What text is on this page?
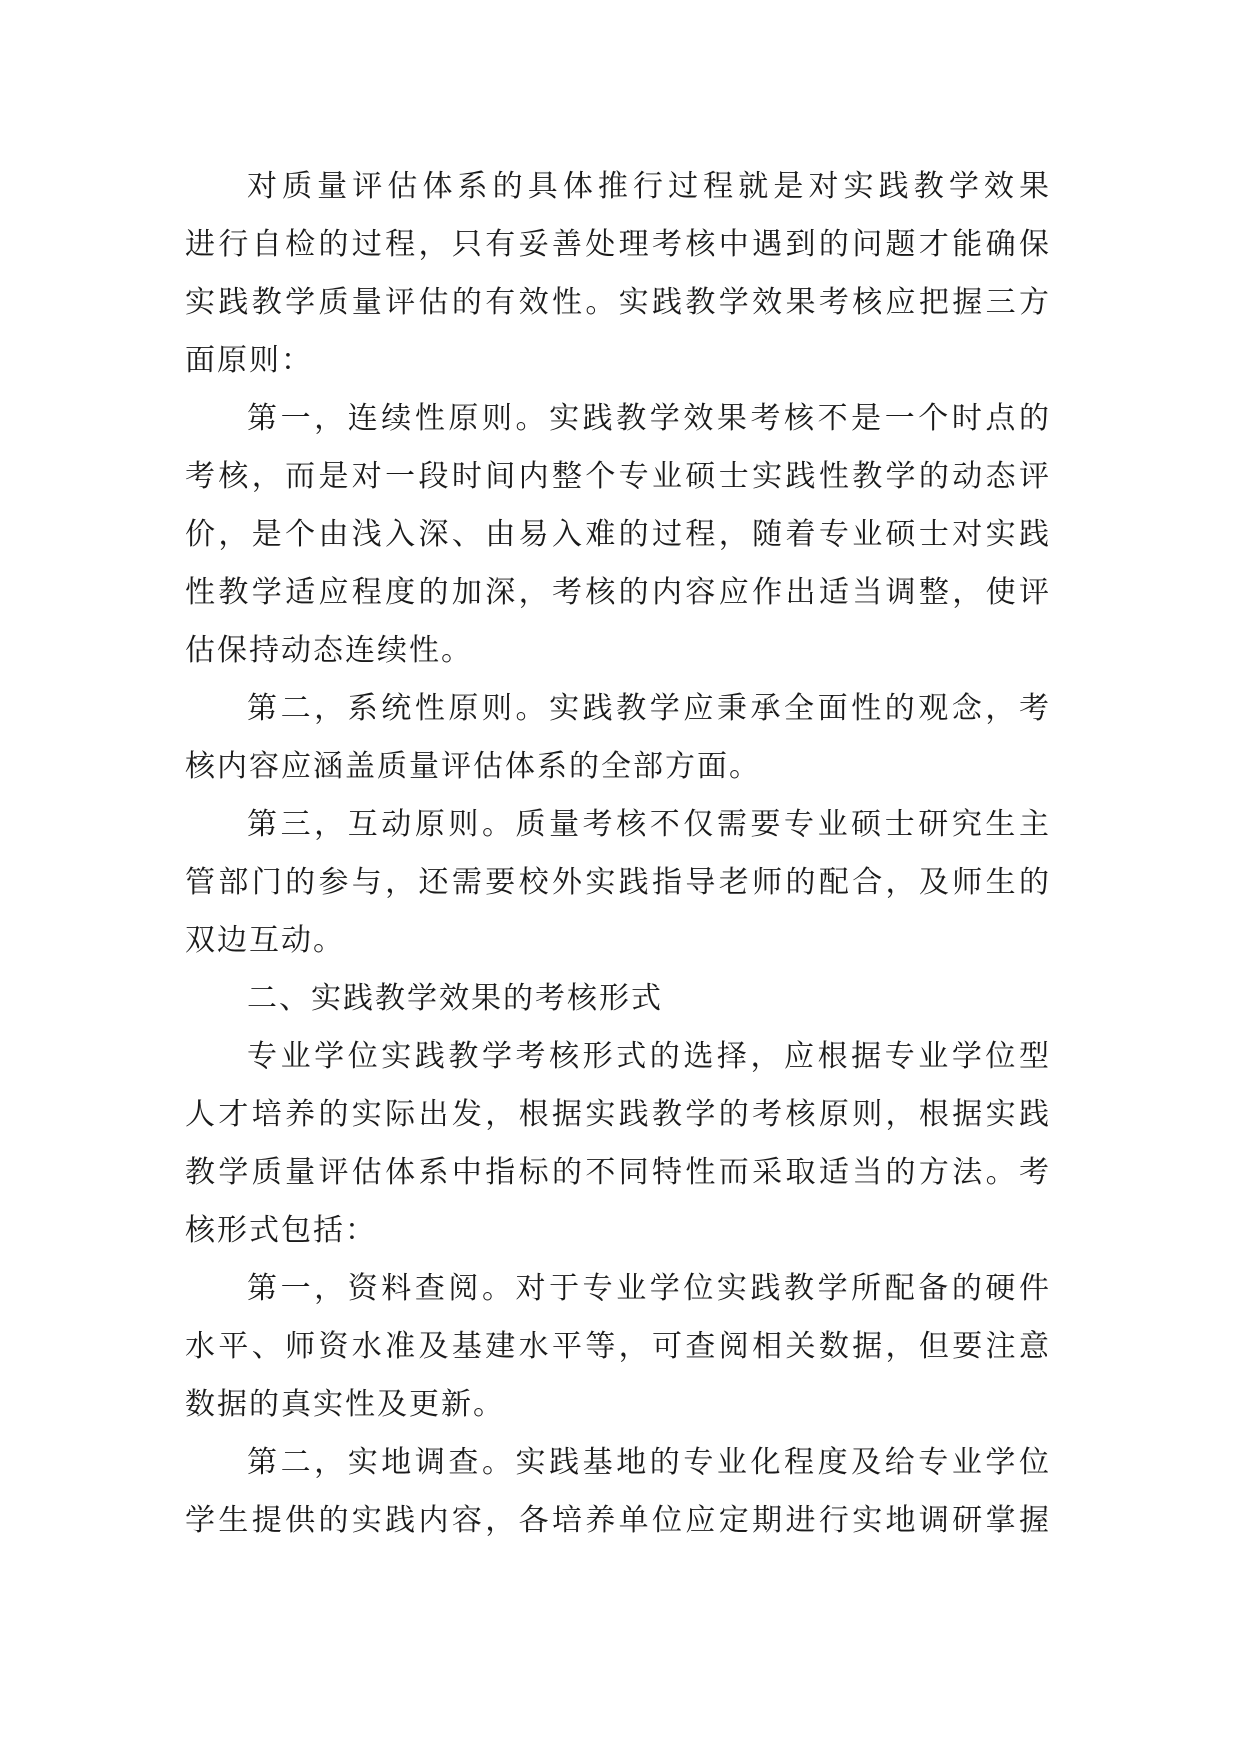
对质量评估体系的具体推行过程就是对实践教学效果
进行自检的过程，只有妥善处理考核中遇到的问题才能确保
实践教学质量评估的有效性。实践教学效果考核应把握三方
面原则：
第一，连续性原则。实践教学效果考核不是一个时点的
考核，而是对一段时间内整个专业硕士实践性教学的动态评
价，是个由浅入深、由易入难的过程，随着专业硕士对实践
性教学适应程度的加深，考核的内容应作出适当调整，使评
估保持动态连续性。
第二，系统性原则。实践教学应秉承全面性的观念，考
核内容应涵盖质量评估体系的全部方面。
第三，互动原则。质量考核不仅需要专业硕士研究生主
管部门的参与，还需要校外实践指导老师的配合，及师生的
双边互动。
二、实践教学效果的考核形式
专业学位实践教学考核形式的选择，应根据专业学位型
人才培养的实际出发，根据实践教学的考核原则，根据实践
教学质量评估体系中指标的不同特性而采取适当的方法。考
核形式包括：
第一，资料查阅。对于专业学位实践教学所配备的硬件
水平、师资水准及基建水平等，可查阅相关数据，但要注意
数据的真实性及更新。
第二，实地调查。实践基地的专业化程度及给专业学位
学生提供的实践内容，各培养单位应定期进行实地调研掌握
